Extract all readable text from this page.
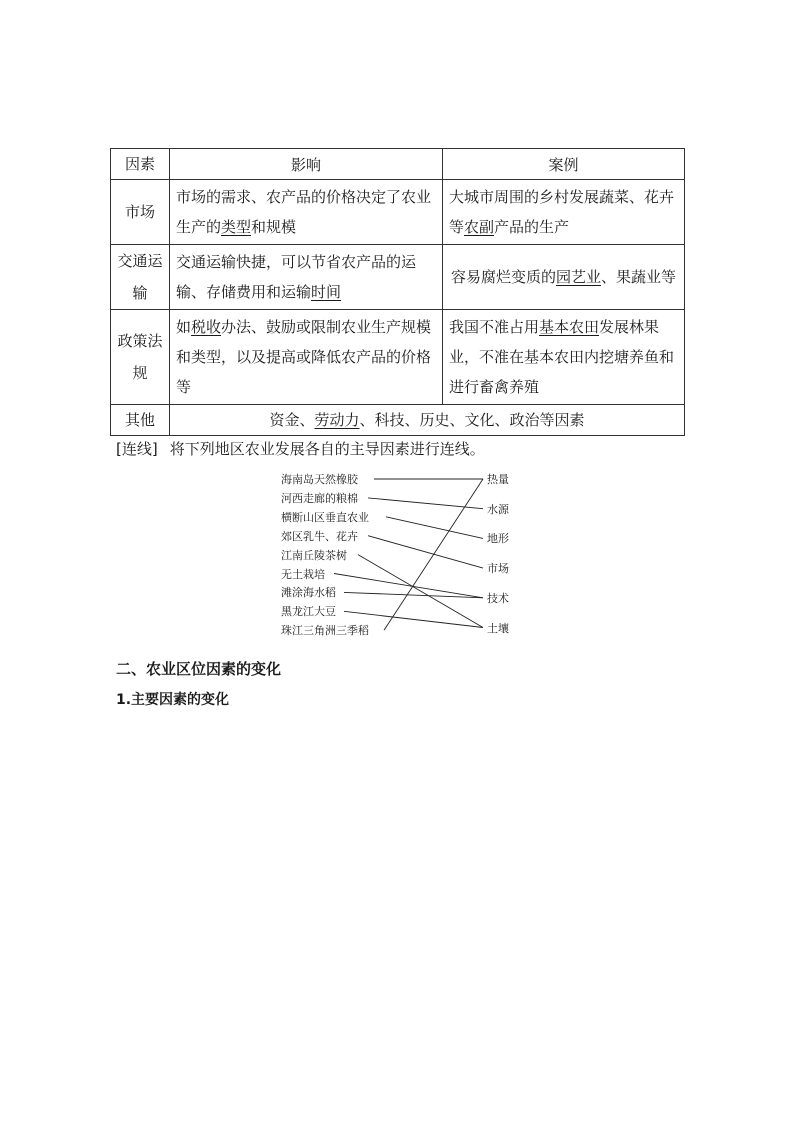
因素	影响	案例
市场	市场的需求、农产品的价格决定了农业生产的类型和规模	大城市周围的乡村发展蔬菜、花卉等农副产品的生产
交通运输	交通运输快捷，可以节省农产品的运输、存储费用和运输时间	容易腐烂变质的园艺业、果蔬业等
政策法规	如税收办法、鼓励或限制农业生产规模和类型，以及提高或降低农产品的价格等	我国不准占用基本农田发展林果业，不准在基本农田内挖塘养鱼和进行畜禽养殖
其他	资金、劳动力、科技、历史、文化、政治等因素	
[连线] 将下列地区农业发展各自的主导因素进行连线。
海南岛天然橡胶
河西走廊的粮棉
横断山区垂直农业
郊区乳牛、花卉
江南丘陵茶树
无土栽培
滩涂海水稻
黑龙江大豆
珠江三角洲三季稻
热量
水源
地形
市场
技术
土壤
二、农业区位因素的变化
1.主要因素的变化
